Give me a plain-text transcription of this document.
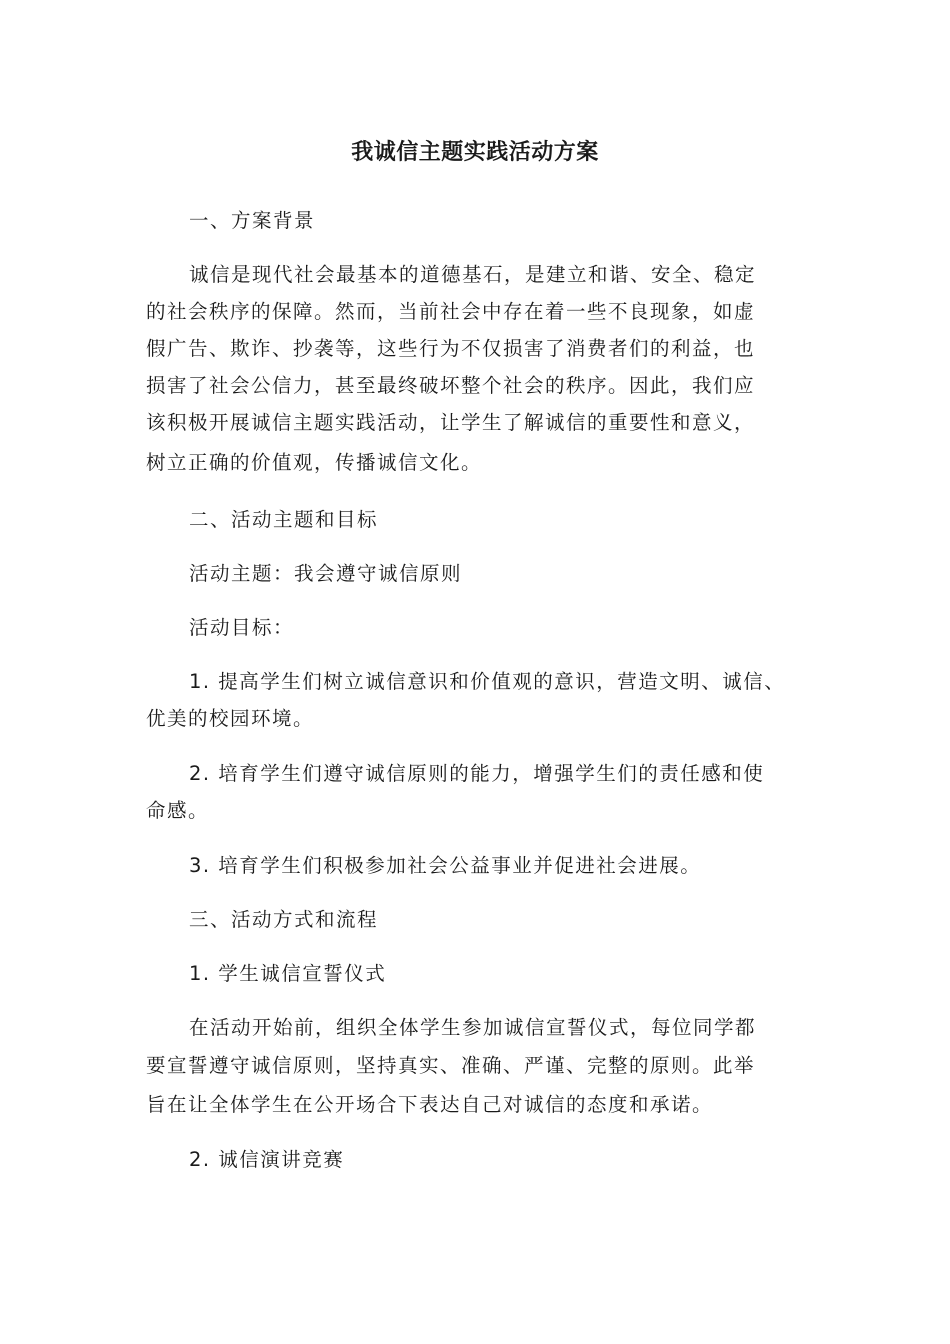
我诚信主题实践活动方案
一、方案背景
诚信是现代社会最基本的道德基石，是建立和谐、安全、稳定
的社会秩序的保障。然而，当前社会中存在着一些不良现象，如虚
假广告、欺诈、抄袭等，这些行为不仅损害了消费者们的利益，也
损害了社会公信力，甚至最终破坏整个社会的秩序。因此，我们应
该积极开展诚信主题实践活动，让学生了解诚信的重要性和意义，
树立正确的价值观，传播诚信文化。
二、活动主题和目标
活动主题：我会遵守诚信原则
活动目标：
1. 提高学生们树立诚信意识和价值观的意识，营造文明、诚信、
优美的校园环境。
2. 培育学生们遵守诚信原则的能力，增强学生们的责任感和使
命感。
3. 培育学生们积极参加社会公益事业并促进社会进展。
三、活动方式和流程
1. 学生诚信宣誓仪式
在活动开始前，组织全体学生参加诚信宣誓仪式，每位同学都
要宣誓遵守诚信原则，坚持真实、准确、严谨、完整的原则。此举
旨在让全体学生在公开场合下表达自己对诚信的态度和承诺。
2. 诚信演讲竞赛
